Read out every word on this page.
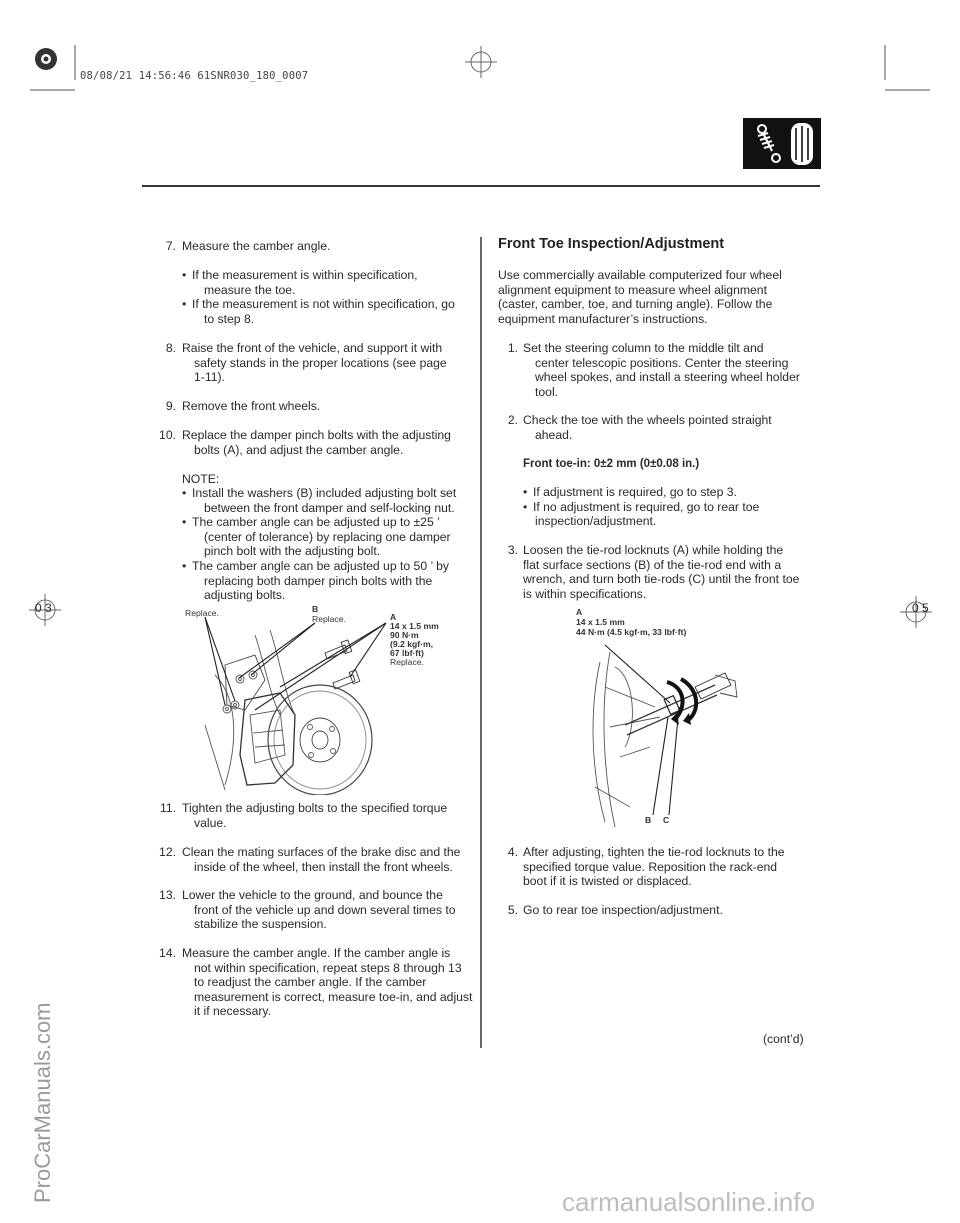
08/08/21 14:56:46 61SNR030_180_0007
0 3	0 5
ProCarManuals.com
7. Measure the camber angle.
• If the measurement is within specification,
measure the toe.
• If the measurement is not within specification, go
to step 8.
8. Raise the front of the vehicle, and support it with
safety stands in the proper locations (see page
1-11).
9. Remove the front wheels.
10. Replace the damper pinch bolts with the adjusting
bolts (A), and adjust the camber angle.
NOTE:
• Install the washers (B) included adjusting bolt set
between the front damper and self-locking nut.
• The camber angle can be adjusted up to ±25 ’
(center of tolerance) by replacing one damper
pinch bolt with the adjusting bolt.
• The camber angle can be adjusted up to 50 ’ by
replacing both damper pinch bolts with the
adjusting bolts.
Replace.	B
Replace.	A
14 x 1.5 mm
90 N·m
(9.2 kgf·m,
67 lbf·ft)
Replace.
11. Tighten the adjusting bolts to the specified torque
value.
12. Clean the mating surfaces of the brake disc and the
inside of the wheel, then install the front wheels.
13. Lower the vehicle to the ground, and bounce the
front of the vehicle up and down several times to
stabilize the suspension.
14. Measure the camber angle. If the camber angle is
not within specification, repeat steps 8 through 13
to readjust the camber angle. If the camber
measurement is correct, measure toe-in, and adjust
it if necessary.
Front Toe Inspection/Adjustment
Use commercially available computerized four wheel
alignment equipment to measure wheel alignment
(caster, camber, toe, and turning angle). Follow the
equipment manufacturer’s instructions.
1. Set the steering column to the middle tilt and
center telescopic positions. Center the steering
wheel spokes, and install a steering wheel holder
tool.
2. Check the toe with the wheels pointed straight
ahead.
Front toe-in: 0±2 mm (0±0.08 in.)
• If adjustment is required, go to step 3.
• If no adjustment is required, go to rear toe
inspection/adjustment.
3. Loosen the tie-rod locknuts (A) while holding the
flat surface sections (B) of the tie-rod end with a
wrench, and turn both tie-rods (C) until the front toe
is within specifications.
A
14 x 1.5 mm
44 N·m (4.5 kgf·m, 33 lbf·ft)
B C
4. After adjusting, tighten the tie-rod locknuts to the
specified torque value. Reposition the rack-end
boot if it is twisted or displaced.
5. Go to rear toe inspection/adjustment.
(cont’d)
carmanualsonline.info
